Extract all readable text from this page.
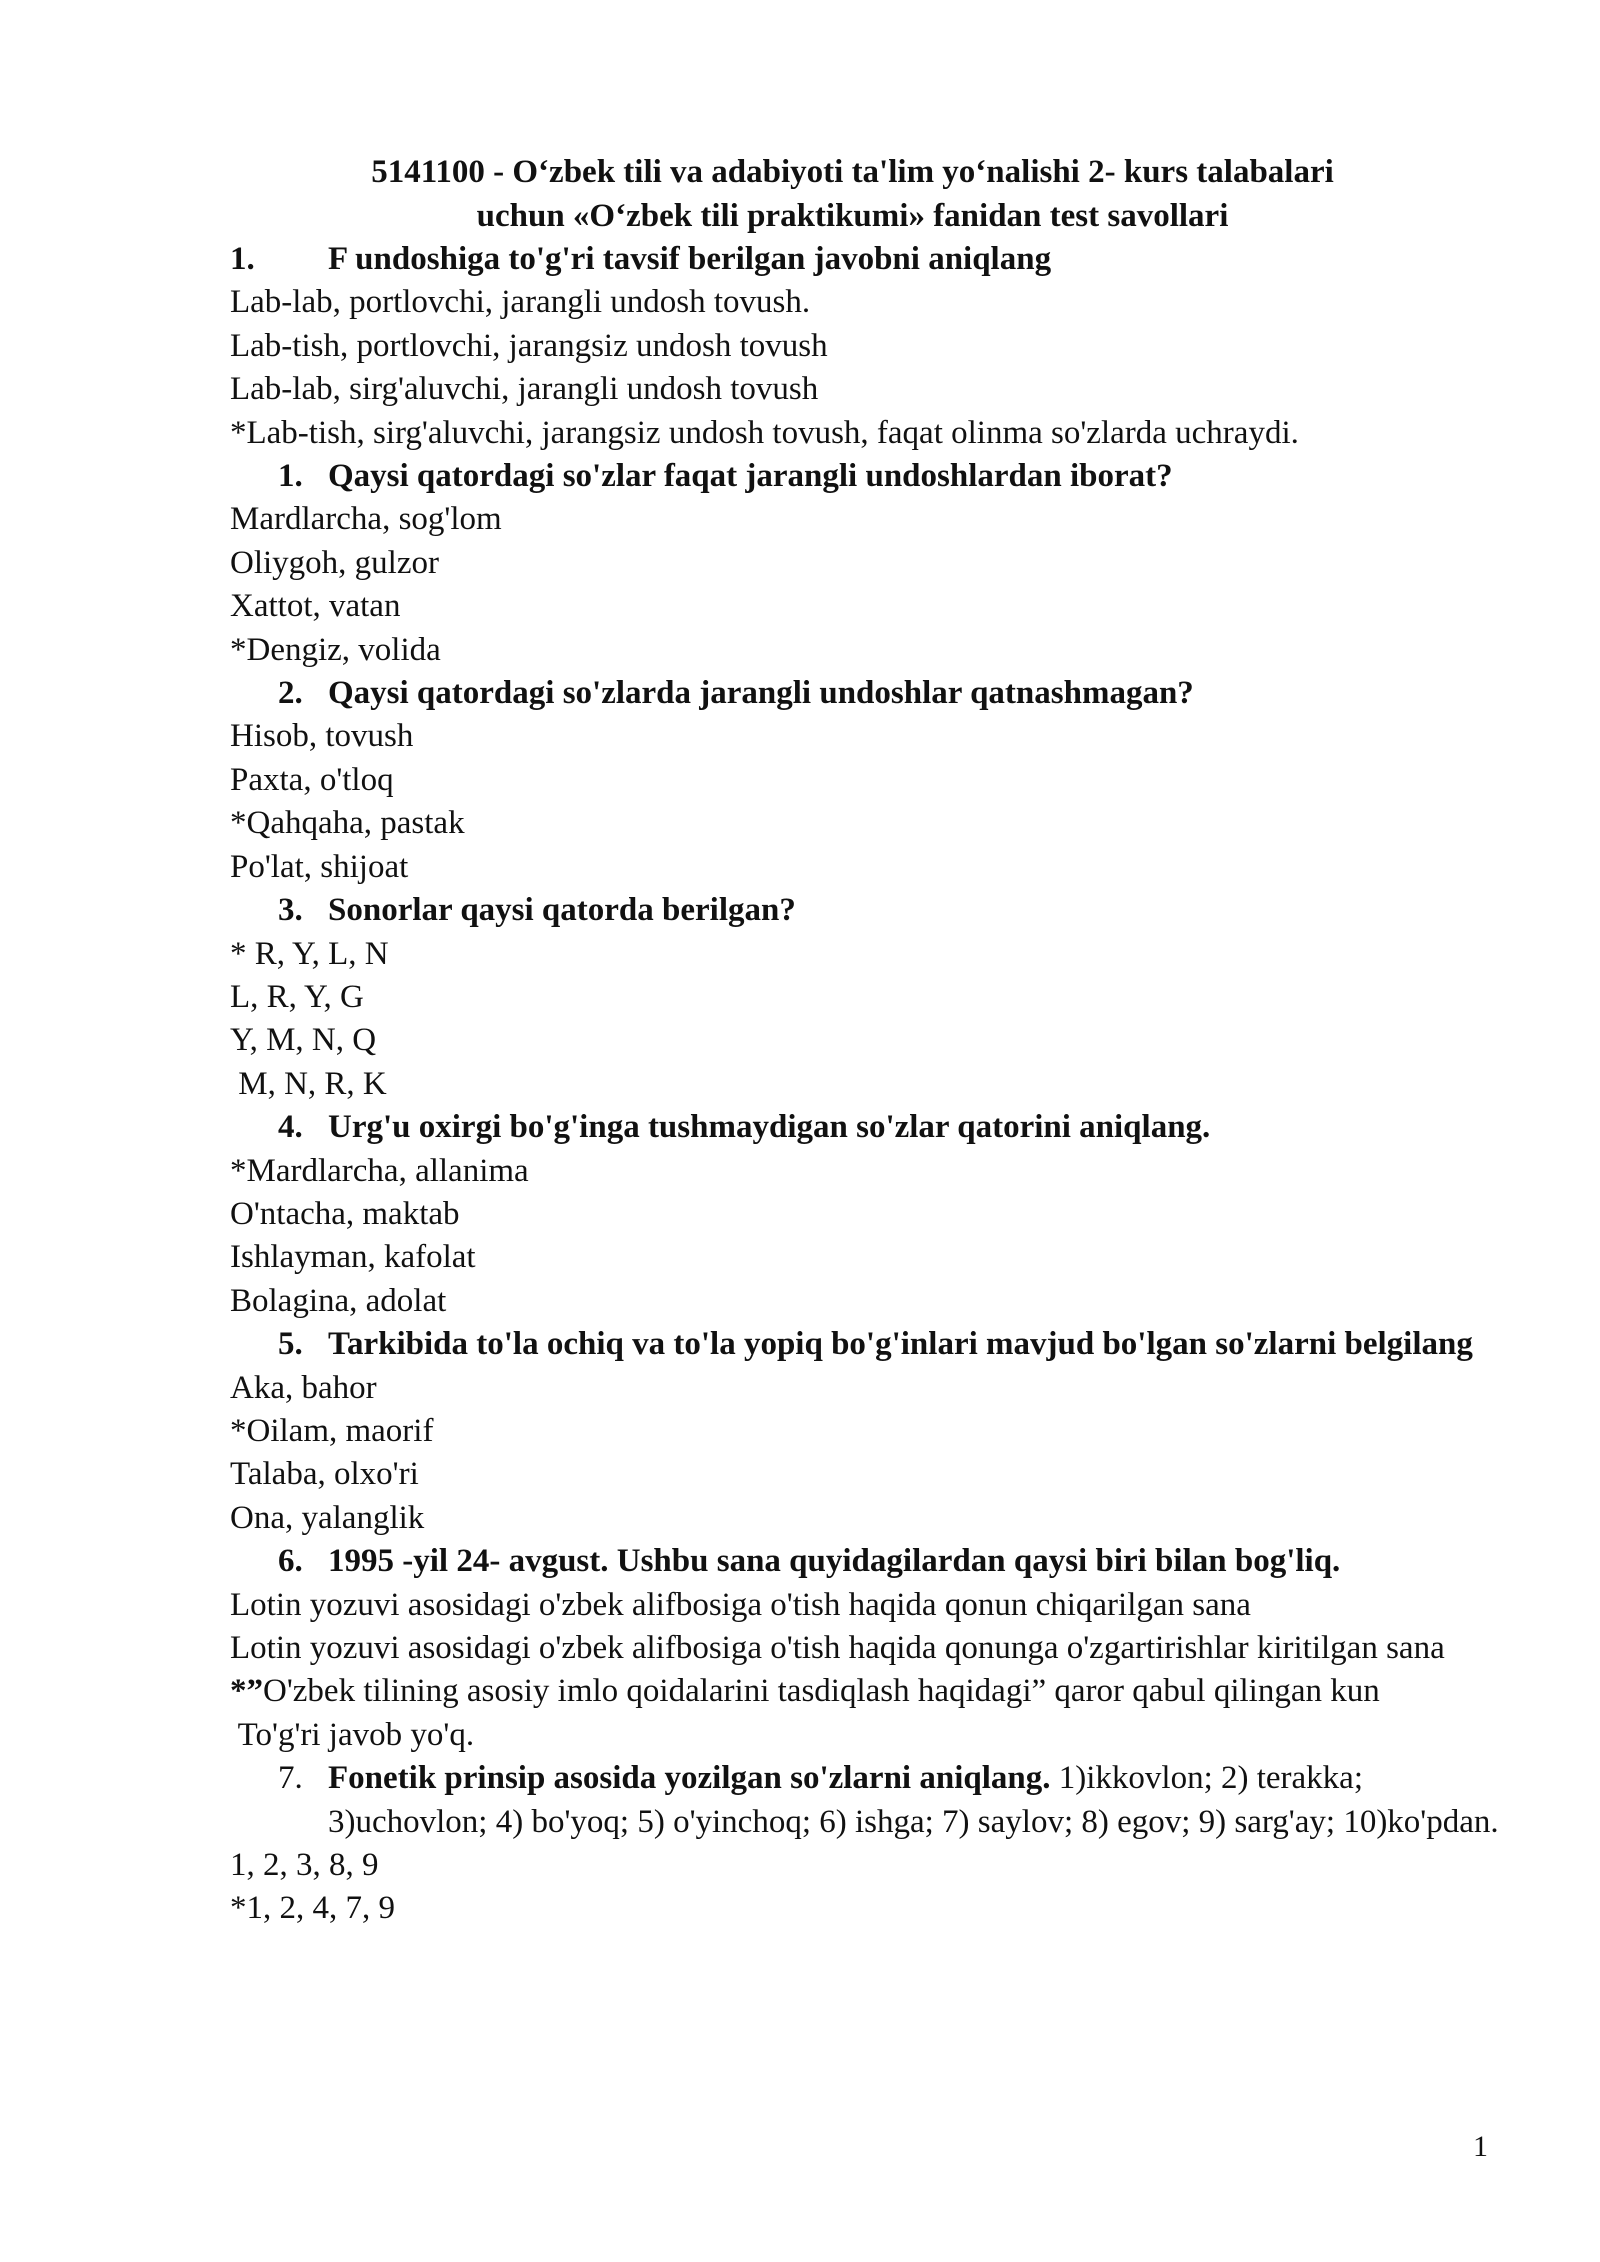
5141100 - O‘zbek tili va adabiyoti ta'lim yo‘nalishi 2- kurs talabalari
uchun «O‘zbek tili praktikumi» fanidan test savollari
1.	F undoshiga to'g'ri tavsif berilgan javobni aniqlang
Lab-lab, portlovchi, jarangli undosh tovush.
Lab-tish, portlovchi, jarangsiz undosh tovush
Lab-lab, sirg'aluvchi, jarangli undosh tovush
*Lab-tish, sirg'aluvchi, jarangsiz undosh tovush, faqat olinma so'zlarda uchraydi.
1. Qaysi qatordagi so'zlar faqat jarangli undoshlardan iborat?
Mardlarcha, sog'lom
Oliygoh, gulzor
Xattot, vatan
*Dengiz, volida
2. Qaysi qatordagi so'zlarda jarangli undoshlar qatnashmagan?
Hisob, tovush
Paxta, o'tloq
*Qahqaha, pastak
Po'lat, shijoat
3. Sonorlar qaysi qatorda berilgan?
* R, Y, L, N
L, R, Y, G
Y, M, N, Q
M, N, R, K
4. Urg'u oxirgi bo'g'inga tushmaydigan so'zlar qatorini aniqlang.
*Mardlarcha, allanima
O'ntacha, maktab
Ishlayman, kafolat
Bolagina, adolat
5. Tarkibida to'la ochiq va to'la yopiq bo'g'inlari mavjud bo'lgan so'zlarni belgilang
Aka, bahor
*Oilam, maorif
Talaba, olxo'ri
Ona, yalanglik
6. 1995 -yil 24- avgust. Ushbu sana quyidagilardan qaysi biri bilan bog'liq.
Lotin yozuvi asosidagi o'zbek alifbosiga o'tish haqida qonun chiqarilgan sana
Lotin yozuvi asosidagi o'zbek alifbosiga o'tish haqida qonunga o'zgartirishlar kiritilgan sana
*”O'zbek tilining asosiy imlo qoidalarini tasdiqlash haqidagi” qaror qabul qilingan kun
To'g'ri javob yo'q.
7. Fonetik prinsip asosida yozilgan so'zlarni aniqlang. 1)ikkovlon; 2) terakka; 3)uchovlon; 4) bo'yoq; 5) o'yinchoq; 6) ishga; 7) saylov; 8) egov; 9) sarg'ay; 10)ko'pdan.
1, 2, 3, 8, 9
*1, 2, 4, 7, 9
1
